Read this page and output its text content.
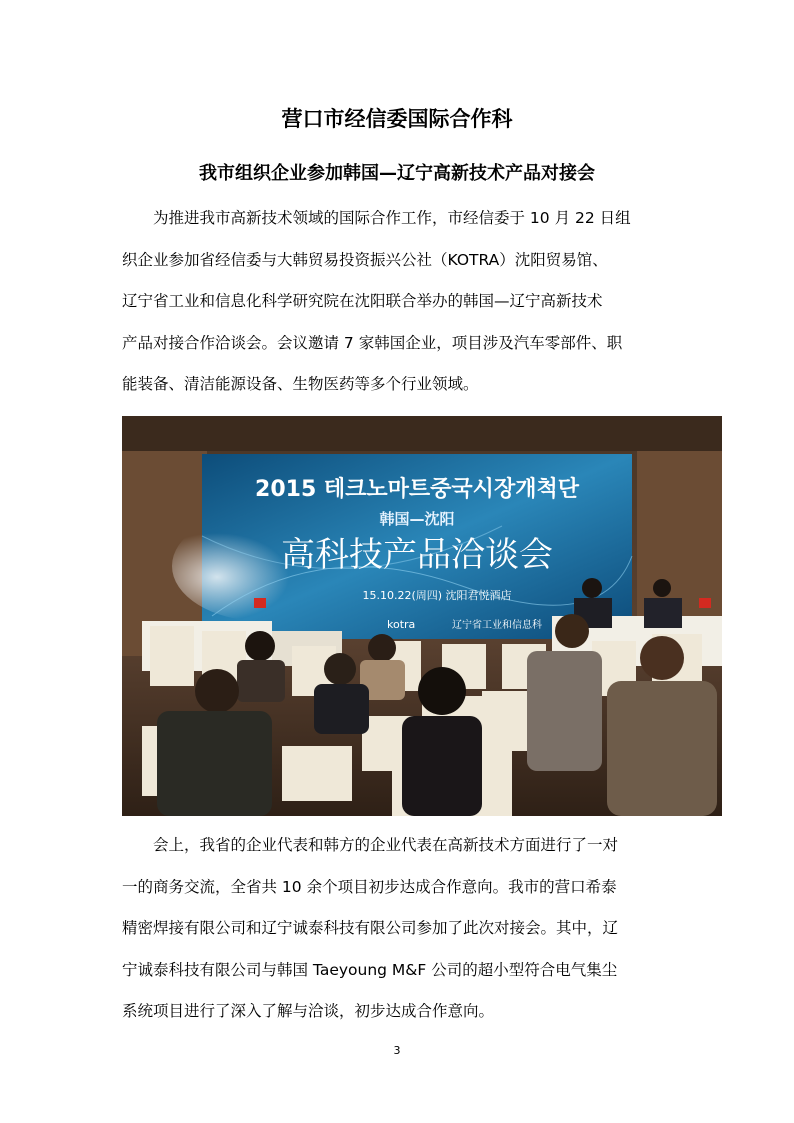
营口市经信委国际合作科
我市组织企业参加韩国—辽宁高新技术产品对接会

为推进我市高新技术领域的国际合作工作，市经信委于 10 月 22 日组
织企业参加省经信委与大韩贸易投资振兴公社（KOTRA）沈阳贸易馆、
辽宁省工业和信息化科学研究院在沈阳联合举办的韩国—辽宁高新技术
产品对接合作洽谈会。会议邀请 7 家韩国企业，项目涉及汽车零部件、职
能装备、清洁能源设备、生物医药等多个行业领域。

2015 테크노마트중국시장개척단
韩国—沈阳
高科技产品洽谈会
15.10.22(周四) 沈阳君悦酒店
kotra	辽宁省工业和信息科

会上，我省的企业代表和韩方的企业代表在高新技术方面进行了一对
一的商务交流，全省共 10 余个项目初步达成合作意向。我市的营口希泰
精密焊接有限公司和辽宁诚泰科技有限公司参加了此次对接会。其中，辽
宁诚泰科技有限公司与韩国 Taeyoung M&F 公司的超小型符合电气集尘
系统项目进行了深入了解与洽谈，初步达成合作意向。

3
